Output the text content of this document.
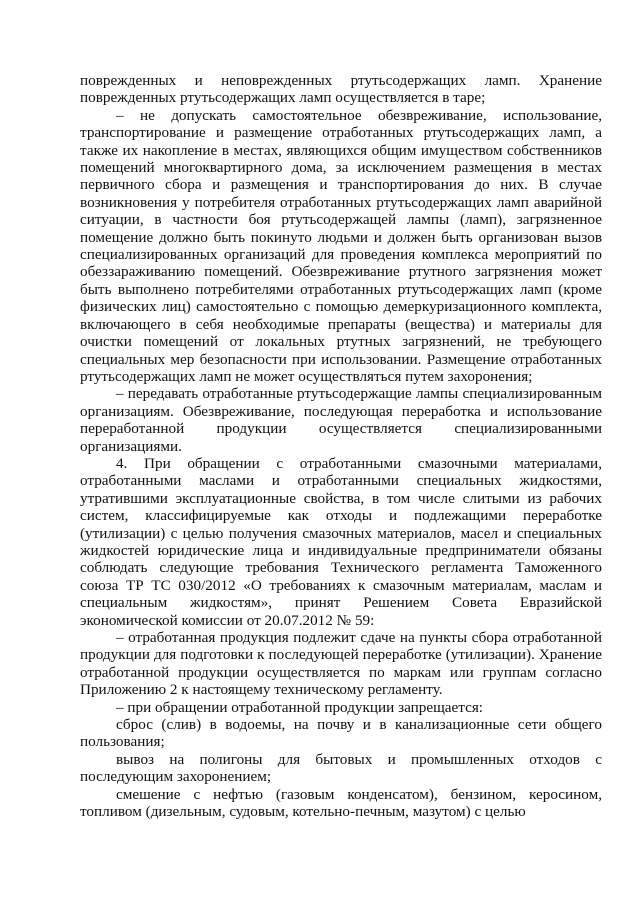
поврежденных и неповрежденных ртутьсодержащих ламп. Хранение поврежденных ртутьсодержащих ламп осуществляется в таре;

– не допускать самостоятельное обезвреживание, использование, транспортирование и размещение отработанных ртутьсодержащих ламп, а также их накопление в местах, являющихся общим имуществом собственников помещений многоквартирного дома, за исключением размещения в местах первичного сбора и размещения и транспортирования до них. В случае возникновения у потребителя отработанных ртутьсодержащих ламп аварийной ситуации, в частности боя ртутьсодержащей лампы (ламп), загрязненное помещение должно быть покинуто людьми и должен быть организован вызов специализированных организаций для проведения комплекса мероприятий по обеззараживанию помещений. Обезвреживание ртутного загрязнения может быть выполнено потребителями отработанных ртутьсодержащих ламп (кроме физических лиц) самостоятельно с помощью демеркуризационного комплекта, включающего в себя необходимые препараты (вещества) и материалы для очистки помещений от локальных ртутных загрязнений, не требующего специальных мер безопасности при использовании. Размещение отработанных ртутьсодержащих ламп не может осуществляться путем захоронения;

– передавать отработанные ртутьсодержащие лампы специализированным организациям. Обезвреживание, последующая переработка и использование переработанной продукции осуществляется специализированными организациями.

4. При обращении с отработанными смазочными материалами, отработанными маслами и отработанными специальных жидкостями, утратившими эксплуатационные свойства, в том числе слитыми из рабочих систем, классифицируемые как отходы и подлежащими переработке (утилизации) с целью получения смазочных материалов, масел и специальных жидкостей юридические лица и индивидуальные предприниматели обязаны соблюдать следующие требования Технического регламента Таможенного союза ТР ТС 030/2012 «О требованиях к смазочным материалам, маслам и специальным жидкостям», принят Решением Совета Евразийской экономической комиссии от 20.07.2012 № 59:

– отработанная продукция подлежит сдаче на пункты сбора отработанной продукции для подготовки к последующей переработке (утилизации). Хранение отработанной продукции осуществляется по маркам или группам согласно Приложению 2 к настоящему техническому регламенту.

– при обращении отработанной продукции запрещается:

сброс (слив) в водоемы, на почву и в канализационные сети общего пользования;

вывоз на полигоны для бытовых и промышленных отходов с последующим захоронением;

смешение с нефтью (газовым конденсатом), бензином, керосином, топливом (дизельным, судовым, котельно-печным, мазутом) с целью
